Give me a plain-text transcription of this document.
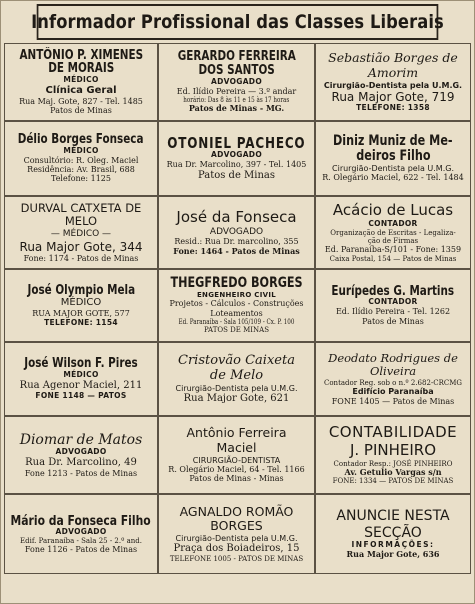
Informador Profissional das Classes Liberais
ANTÔNIO P. XIMENES
DE MORAIS
MÉDICO
Clínica Geral
Rua Maj. Gote, 827 - Tel. 1485
Patos de Minas
GERARDO FERREIRA
DOS SANTOS
ADVOGADO
Ed. Ilídio Pereira — 3.º andar
horário: Das 8 às 11 e 15 às 17 horas
Patos de Minas - MG.
Sebastião Borges de
Amorim
Cirurgião-Dentista pela U.M.G.
Rua Major Gote, 719
TELEFONE: 1358
Délio Borges Fonseca
MÉDICO
Consultório: R. Oleg. Maciel
Residência: Av. Brasil, 688
Telefone: 1125
OTONIEL PACHECO
ADVOGADO
Rua Dr. Marcolino, 397 - Tel. 1405
Patos de Minas
Diniz Muniz de Me-
deiros Filho
Cirurgião-Dentista pela U.M.G.
R. Olegário Maciel, 622 - Tel. 1484
DURVAL CATXETA DE
MELO
— MÉDICO —
Rua Major Gote, 344
Fone: 1174 - Patos de Minas
José da Fonseca
ADVOGADO
Resid.: Rua Dr. marcolino, 355
Fone: 1464 - Patos de Minas
Acácio de Lucas
CONTADOR
Organização de Escritas - Legaliza-
ção de Firmas
Ed. Paranaíba-S/101 - Fone: 1359
Caixa Postal, 154 — Patos de Minas
José Olympio Mela
MÉDICO
RUA MAJOR GOTE, 577
TELEFONE: 1154
THEGFREDO BORGES
ENGENHEIRO CIVIL
Projetos - Cálculos - Construções
Loteamentos
Ed. Paranaíba - Sala 105/109 - Cx. P. 100
PATOS DE MINAS
Eurípedes G. Martins
CONTADOR
Ed. Ilídio Pereira - Tel. 1262
Patos de Minas
José Wilson F. Pires
MÉDICO
Rua Agenor Maciel, 211
FONE 1148 — PATOS
Cristovão Caixeta
de Melo
Cirurgião-Dentista pela U.M.G.
Rua Major Gote, 621
Deodato Rodrigues de
Oliveira
Contador Reg. sob o n.º 2.682-CRCMG
Edifício Paranaíba
FONE 1405 — Patos de Minas
Diomar de Matos
ADVOGADO
Rua Dr. Marcolino, 49
Fone 1213 - Patos de Minas
Antônio Ferreira
Maciel
CIRURGIÃO-DENTISTA
R. Olegário Maciel, 64 - Tel. 1166
Patos de Minas - Minas
CONTABILIDADE
J. PINHEIRO
Contador Resp.: JOSÉ PINHEIRO
Av. Getulio Vargas s/n
FONE: 1334 — PATOS DE MINAS
Mário da Fonseca Filho
ADVOGADO
Edif. Paranaíba - Sala 25 - 2.º and.
Fone 1126 - Patos de Minas
AGNALDO ROMÃO
BORGES
Cirurgião-Dentista pela U.M.G.
Praça dos Boiadeiros, 15
TELEFONE 1005 - PATOS DE MINAS
ANUNCIE NESTA
SECÇÃO
INFORMAÇÕES:
Rua Major Gote, 636
